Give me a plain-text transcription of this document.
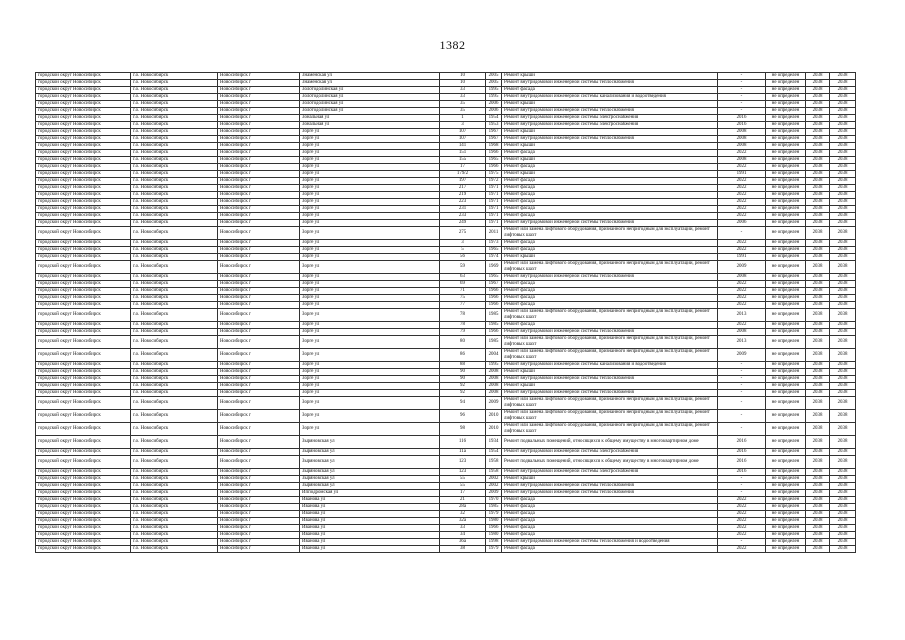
1382
городской округ Новосибирск	г.о. Новосибирск	Новосибирск г	Знаменская ул	10	2005	Ремонт крыши	-	не определен	2038	2038
городской округ Новосибирск	г.о. Новосибирск	Новосибирск г	Знаменская ул	10	2005	Ремонт внутридомовой инженерной системы теплоснабжения	-	не определен	2038	2038
городской округ Новосибирск	г.о. Новосибирск	Новосибирск г	Золотодолинская ул	33	1995	Ремонт фасада	-	не определен	2038	2038
городской округ Новосибирск	г.о. Новосибирск	Новосибирск г	Золотодолинская ул	33	1995	Ремонт внутридомовой инженерной системы канализования и водоотведения	-	не определен	2038	2038
городской округ Новосибирск	г.о. Новосибирск	Новосибирск г	Золотодолинская ул	35	2006	Ремонт крыши	-	не определен	2038	2038
городской округ Новосибирск	г.о. Новосибирск	Новосибирск г	Золотодолинская ул	35	2006	Ремонт внутридомовой инженерной системы теплоснабжения	-	не определен	2038	2038
городской округ Новосибирск	г.о. Новосибирск	Новосибирск г	Зональная ул	1	1954	Ремонт внутридомовой инженерной системы электроснабжения	2016	не определен	2038	2038
городской округ Новосибирск	г.о. Новосибирск	Новосибирск г	Зональная ул	3	1953	Ремонт внутридомовой инженерной системы электроснабжения	2016	не определен	2038	2038
городской округ Новосибирск	г.о. Новосибирск	Новосибирск г	Зорге ул	107	1967	Ремонт крыши	2008	не определен	2038	2038
городской округ Новосибирск	г.о. Новосибирск	Новосибирск г	Зорге ул	107	1967	Ремонт внутридомовой инженерной системы теплоснабжения	2008	не определен	2038	2038
городской округ Новосибирск	г.о. Новосибирск	Новосибирск г	Зорге ул	141	1968	Ремонт крыши	2008	не определен	2038	2038
городской округ Новосибирск	г.о. Новосибирск	Новосибирск г	Зорге ул	151	1966	Ремонт фасада	2022	не определен	2038	2038
городской округ Новосибирск	г.о. Новосибирск	Новосибирск г	Зорге ул	155	1965	Ремонт крыши	2008	не определен	2038	2038
городской округ Новосибирск	г.о. Новосибирск	Новосибирск г	Зорге ул	17	1966	Ремонт фасада	2022	не определен	2038	2038
городской округ Новосибирск	г.о. Новосибирск	Новосибирск г	Зорге ул	179/2	1975	Ремонт крыши	1991	не определен	2038	2038
городской округ Новосибирск	г.о. Новосибирск	Новосибирск г	Зорге ул	197	1972	Ремонт фасада	2022	не определен	2038	2038
городской округ Новосибирск	г.о. Новосибирск	Новосибирск г	Зорге ул	217	1971	Ремонт фасада	2022	не определен	2038	2038
городской округ Новосибирск	г.о. Новосибирск	Новосибирск г	Зорге ул	219	1971	Ремонт фасада	2022	не определен	2038	2038
городской округ Новосибирск	г.о. Новосибирск	Новосибирск г	Зорге ул	223	1971	Ремонт фасада	2022	не определен	2038	2038
городской округ Новосибирск	г.о. Новосибирск	Новосибирск г	Зорге ул	231	1971	Ремонт фасада	2022	не определен	2038	2038
городской округ Новосибирск	г.о. Новосибирск	Новосибирск г	Зорге ул	233	1971	Ремонт фасада	2022	не определен	2038	2038
городской округ Новосибирск	г.о. Новосибирск	Новосибирск г	Зорге ул	249	1971	Ремонт внутридомовой инженерной системы теплоснабжения	2006	не определен	2038	2038
городской округ Новосибирск	г.о. Новосибирск	Новосибирск г	Зорге ул	275	2011	Ремонт или замена лифтового оборудования, признанного непригодным для эксплуатации, ремонт лифтовых шахт	-	не определен	2038	2038
городской округ Новосибирск	г.о. Новосибирск	Новосибирск г	Зорге ул	3	1973	Ремонт фасада	2022	не определен	2038	2038
городской округ Новосибирск	г.о. Новосибирск	Новосибирск г	Зорге ул	5	1965	Ремонт фасада	2022	не определен	2038	2038
городской округ Новосибирск	г.о. Новосибирск	Новосибирск г	Зорге ул	56	1974	Ремонт крыши	1991	не определен	2038	2038
городской округ Новосибирск	г.о. Новосибирск	Новосибирск г	Зорге ул	59	1969	Ремонт или замена лифтового оборудования, признанного непригодным для эксплуатации, ремонт лифтовых шахт	2009	не определен	2038	2038
городской округ Новосибирск	г.о. Новосибирск	Новосибирск г	Зорге ул	63	1965	Ремонт внутридомовой инженерной системы теплоснабжения	2008	не определен	2038	2038
городской округ Новосибирск	г.о. Новосибирск	Новосибирск г	Зорге ул	69	1967	Ремонт фасада	2022	не определен	2038	2038
городской округ Новосибирск	г.о. Новосибирск	Новосибирск г	Зорге ул	71	1966	Ремонт фасада	2022	не определен	2038	2038
городской округ Новосибирск	г.о. Новосибирск	Новосибирск г	Зорге ул	75	1966	Ремонт фасада	2022	не определен	2038	2038
городской округ Новосибирск	г.о. Новосибирск	Новосибирск г	Зорге ул	77	1966	Ремонт фасада	2022	не определен	2038	2038
городской округ Новосибирск	г.о. Новосибирск	Новосибирск г	Зорге ул	78	1985	Ремонт или замена лифтового оборудования, признанного непригодным для эксплуатации, ремонт лифтовых шахт	2013	не определен	2038	2038
городской округ Новосибирск	г.о. Новосибирск	Новосибирск г	Зорге ул	78	1985	Ремонт фасада	2022	не определен	2038	2038
городской округ Новосибирск	г.о. Новосибирск	Новосибирск г	Зорге ул	79	1966	Ремонт внутридомовой инженерной системы теплоснабжения	2008	не определен	2038	2038
городской округ Новосибирск	г.о. Новосибирск	Новосибирск г	Зорге ул	80	1985	Ремонт или замена лифтового оборудования, признанного непригодным для эксплуатации, ремонт лифтовых шахт	2013	не определен	2038	2038
городской округ Новосибирск	г.о. Новосибирск	Новосибирск г	Зорге ул	86	2004	Ремонт или замена лифтового оборудования, признанного непригодным для эксплуатации, ремонт лифтовых шахт	2009	не определен	2038	2038
городской округ Новосибирск	г.о. Новосибирск	Новосибирск г	Зорге ул	88	1995	Ремонт внутридомовой инженерной системы канализования и водоотведения	-	не определен	2038	2038
городской округ Новосибирск	г.о. Новосибирск	Новосибирск г	Зорге ул	90	2008	Ремонт крыши	-	не определен	2038	2038
городской округ Новосибирск	г.о. Новосибирск	Новосибирск г	Зорге ул	90	2008	Ремонт внутридомовой инженерной системы теплоснабжения	-	не определен	2038	2038
городской округ Новосибирск	г.о. Новосибирск	Новосибирск г	Зорге ул	92	2008	Ремонт крыши	-	не определен	2038	2038
городской округ Новосибирск	г.о. Новосибирск	Новосибирск г	Зорге ул	92	2008	Ремонт внутридомовой инженерной системы теплоснабжения	-	не определен	2038	2038
городской округ Новосибирск	г.о. Новосибирск	Новосибирск г	Зорге ул	94	2009	Ремонт или замена лифтового оборудования, признанного непригодным для эксплуатации, ремонт лифтовых шахт	-	не определен	2038	2038
городской округ Новосибирск	г.о. Новосибирск	Новосибирск г	Зорге ул	96	2010	Ремонт или замена лифтового оборудования, признанного непригодным для эксплуатации, ремонт лифтовых шахт	-	не определен	2038	2038
городской округ Новосибирск	г.о. Новосибирск	Новосибирск г	Зорге ул	98	2010	Ремонт или замена лифтового оборудования, признанного непригодным для эксплуатации, ремонт лифтовых шахт	-	не определен	2038	2038
городской округ Новосибирск	г.о. Новосибирск	Новосибирск г	Зыряновская ул	116	1934	Ремонт подвальных помещений, относящихся к общему имуществу в многоквартирном доме	2016	не определен	2038	2038
городской округ Новосибирск	г.о. Новосибирск	Новосибирск г	Зыряновская ул	11а	1954	Ремонт внутридомовой инженерной системы электроснабжения	2016	не определен	2038	2038
городской округ Новосибирск	г.о. Новосибирск	Новосибирск г	Зыряновская ул	123	1958	Ремонт подвальных помещений, относящихся к общему имуществу в многоквартирном доме	2016	не определен	2038	2038
городской округ Новосибирск	г.о. Новосибирск	Новосибирск г	Зыряновская ул	123	1958	Ремонт внутридомовой инженерной системы электроснабжения	2016	не определен	2038	2038
городской округ Новосибирск	г.о. Новосибирск	Новосибирск г	Зыряновская ул	55	2002	Ремонт крыши	-	не определен	2038	2038
городской округ Новосибирск	г.о. Новосибирск	Новосибирск г	Зыряновская ул	55	2002	Ремонт внутридомовой инженерной системы теплоснабжения	-	не определен	2038	2038
городской округ Новосибирск	г.о. Новосибирск	Новосибирск г	Ипподромская ул	17	2009	Ремонт внутридомовой инженерной системы теплоснабжения	-	не определен	2038	2038
городской округ Новосибирск	г.о. Новосибирск	Новосибирск г	Иванова ул	21	1970	Ремонт фасада	2022	не определен	2038	2038
городской округ Новосибирск	г.о. Новосибирск	Новосибирск г	Иванова ул	28а	1985	Ремонт фасада	2022	не определен	2038	2038
городской округ Новосибирск	г.о. Новосибирск	Новосибирск г	Иванова ул	32	1979	Ремонт фасада	2022	не определен	2038	2038
городской округ Новосибирск	г.о. Новосибирск	Новосибирск г	Иванова ул	32а	1980	Ремонт фасада	2022	не определен	2038	2038
городской округ Новосибирск	г.о. Новосибирск	Новосибирск г	Иванова ул	33	1966	Ремонт фасада	2022	не определен	2038	2038
городской округ Новосибирск	г.о. Новосибирск	Новосибирск г	Иванова ул	34	1980	Ремонт фасада	2022	не определен	2038	2038
городской округ Новосибирск	г.о. Новосибирск	Новосибирск г	Иванова ул	36а	1998	Ремонт внутридомовой инженерной системы теплоснабжения и водоотведения	-	не определен	2038	2038
городской округ Новосибирск	г.о. Новосибирск	Новосибирск г	Иванова ул	38	1979	Ремонт фасада	2022	не определен	2038	2038
